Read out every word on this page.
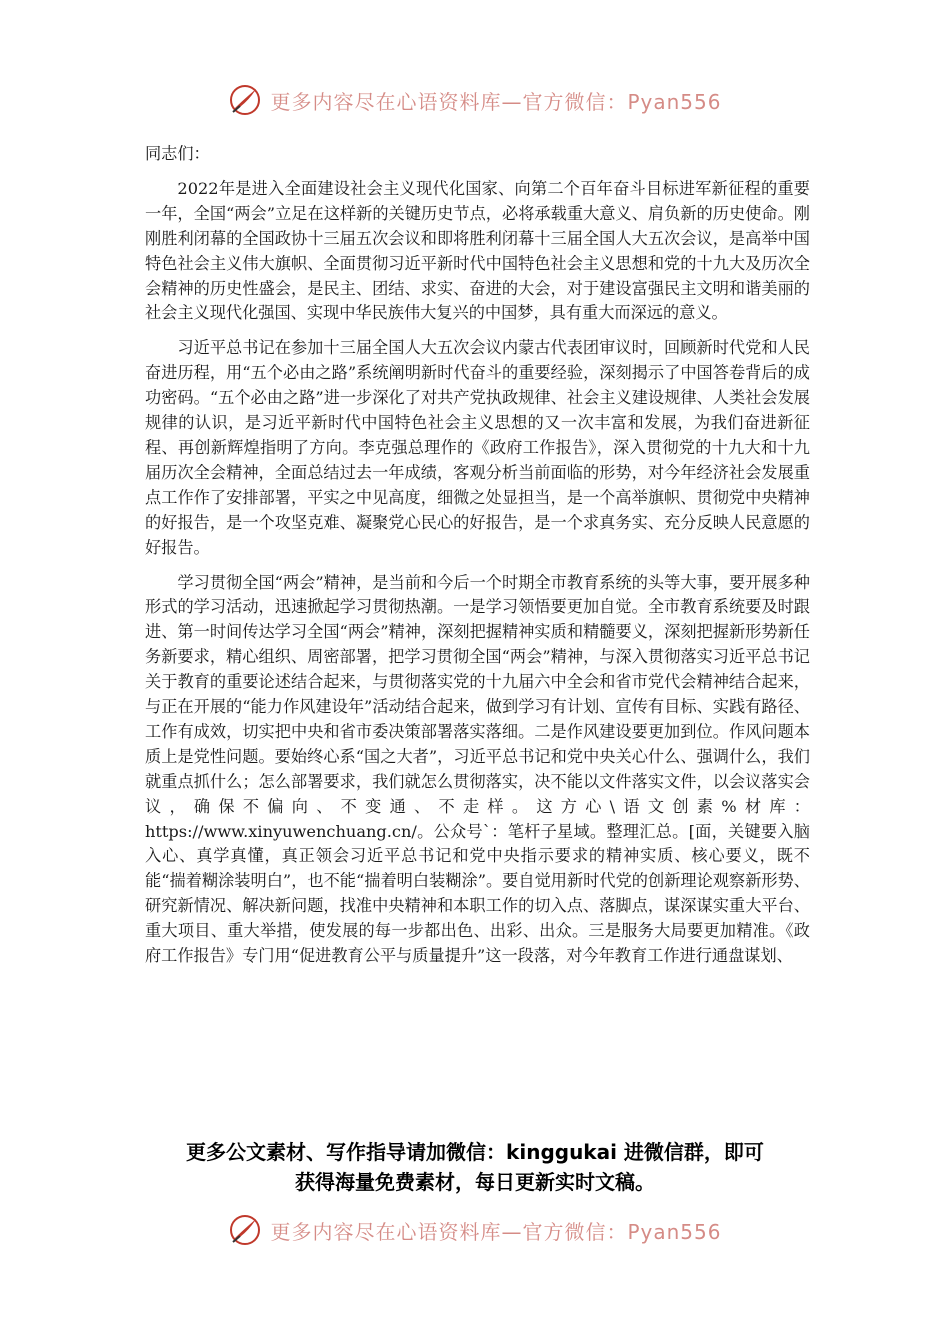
更多内容尽在心语资料库—官方微信：Pyan556

同志们：

2022年是进入全面建设社会主义现代化国家、向第二个百年奋斗目标进军新征程的重要一年，全国“两会”立足在这样新的关键历史节点，必将承载重大意义、肩负新的历史使命。刚刚胜利闭幕的全国政协十三届五次会议和即将胜利闭幕十三届全国人大五次会议，是高举中国特色社会主义伟大旗帜、全面贯彻习近平新时代中国特色社会主义思想和党的十九大及历次全会精神的历史性盛会，是民主、团结、求实、奋进的大会，对于建设富强民主文明和谐美丽的社会主义现代化强国、实现中华民族伟大复兴的中国梦，具有重大而深远的意义。

习近平总书记在参加十三届全国人大五次会议内蒙古代表团审议时，回顾新时代党和人民奋进历程，用“五个必由之路”系统阐明新时代奋斗的重要经验，深刻揭示了中国答卷背后的成功密码。“五个必由之路”进一步深化了对共产党执政规律、社会主义建设规律、人类社会发展规律的认识，是习近平新时代中国特色社会主义思想的又一次丰富和发展，为我们奋进新征程、再创新辉煌指明了方向。李克强总理作的《政府工作报告》，深入贯彻党的十九大和十九届历次全会精神，全面总结过去一年成绩，客观分析当前面临的形势，对今年经济社会发展重点工作作了安排部署，平实之中见高度，细微之处显担当，是一个高举旗帜、贯彻党中央精神的好报告，是一个攻坚克难、凝聚党心民心的好报告，是一个求真务实、充分反映人民意愿的好报告。

学习贯彻全国“两会”精神，是当前和今后一个时期全市教育系统的头等大事，要开展多种形式的学习活动，迅速掀起学习贯彻热潮。一是学习领悟要更加自觉。全市教育系统要及时跟进、第一时间传达学习全国“两会”精神，深刻把握精神实质和精髓要义，深刻把握新形势新任务新要求，精心组织、周密部署，把学习贯彻全国“两会”精神，与深入贯彻落实习近平总书记关于教育的重要论述结合起来，与贯彻落实党的十九届六中全会和省市党代会精神结合起来，与正在开展的“能力作风建设年”活动结合起来，做到学习有计划、宣传有目标、实践有路径、工作有成效，切实把中央和省市委决策部署落实落细。二是作风建设要更加到位。作风问题本质上是党性问题。要始终心系“国之大者”，习近平总书记和党中央关心什么、强调什么，我们就重点抓什么；怎么部署要求，我们就怎么贯彻落实，决不能以文件落实文件，以会议落实会议，确保不偏向、不变通、不走样。这方心\语文创素%材库：https://www.xinyuwenchuang.cn/。公众号`：笔杆子星域。整理汇总。[面，关键要入脑入心、真学真懂，真正领会习近平总书记和党中央指示要求的精神实质、核心要义，既不能“揣着糊涂装明白”，也不能“揣着明白装糊涂”。要自觉用新时代党的创新理论观察新形势、研究新情况、解决新问题，找准中央精神和本职工作的切入点、落脚点，谋深谋实重大平台、重大项目、重大举措，使发展的每一步都出色、出彩、出众。三是服务大局要更加精准。《政府工作报告》专门用“促进教育公平与质量提升”这一段落，对今年教育工作进行通盘谋划、

更多公文素材、写作指导请加微信：kinggukai 进微信群，即可
获得海量免费素材，每日更新实时文稿。
更多内容尽在心语资料库—官方微信：Pyan556
